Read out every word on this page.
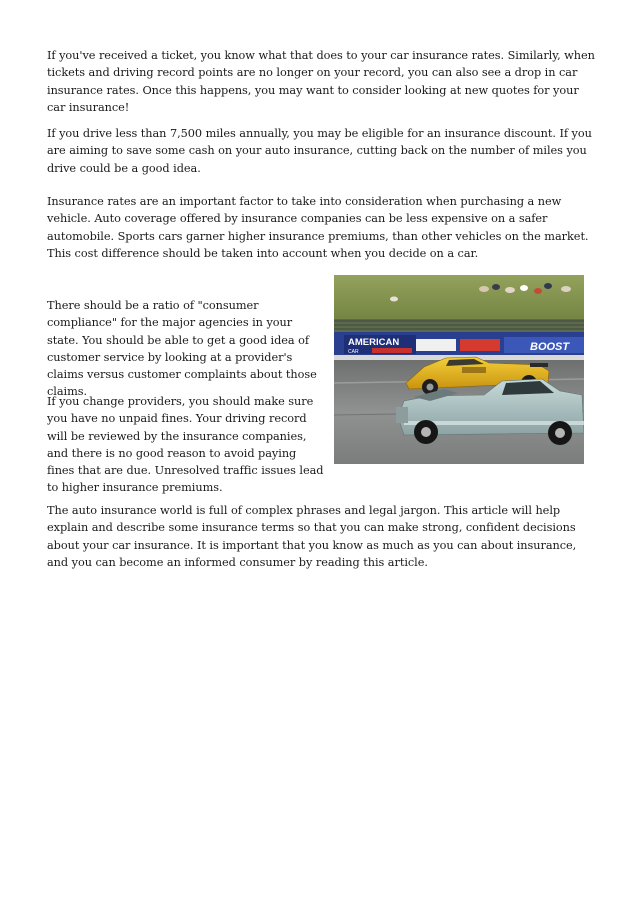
If you've received a ticket, you know what that does to your car insurance rates. Similarly, when tickets and driving record points are no longer on your record, you can also see a drop in car insurance rates. Once this happens, you may want to consider looking at new quotes for your car insurance!

If you drive less than 7,500 miles annually, you may be eligible for an insurance discount. If you are aiming to save some cash on your auto insurance, cutting back on the number of miles you drive could be a good idea.

Insurance rates are an important factor to take into consideration when purchasing a new vehicle. Auto coverage offered by insurance companies can be less expensive on a safer automobile. Sports cars garner higher insurance premiums, than other vehicles on the market. This cost difference should be taken into account when you decide on a car.

There should be a ratio of "consumer compliance" for the major agencies in your state. You should be able to get a good idea of customer service by looking at a provider's claims versus customer complaints about those claims.

If you change providers, you should make sure you have no unpaid fines. Your driving record will be reviewed by the insurance companies, and there is no good reason to avoid paying fines that are due. Unresolved traffic issues lead to higher insurance premiums.

The auto insurance world is full of complex phrases and legal jargon. This article will help explain and describe some insurance terms so that you can make strong, confident decisions about your car insurance. It is important that you know as much as you can about insurance, and you can become an informed consumer by reading this article.

AMERICAN
CAR	BOOST
